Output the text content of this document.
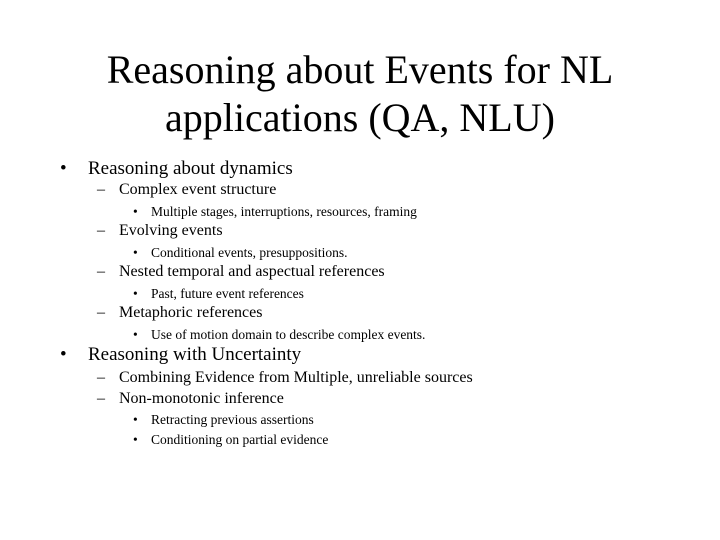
Reasoning about Events for NL
applications (QA, NLU)
• Reasoning about dynamics
– Complex event structure
• Multiple stages, interruptions, resources, framing
– Evolving events
• Conditional events, presuppositions.
– Nested temporal and aspectual references
• Past, future event references
– Metaphoric references
• Use of motion domain to describe complex events.
• Reasoning with Uncertainty
– Combining Evidence from Multiple, unreliable sources
– Non-monotonic inference
• Retracting previous assertions
• Conditioning on partial evidence
